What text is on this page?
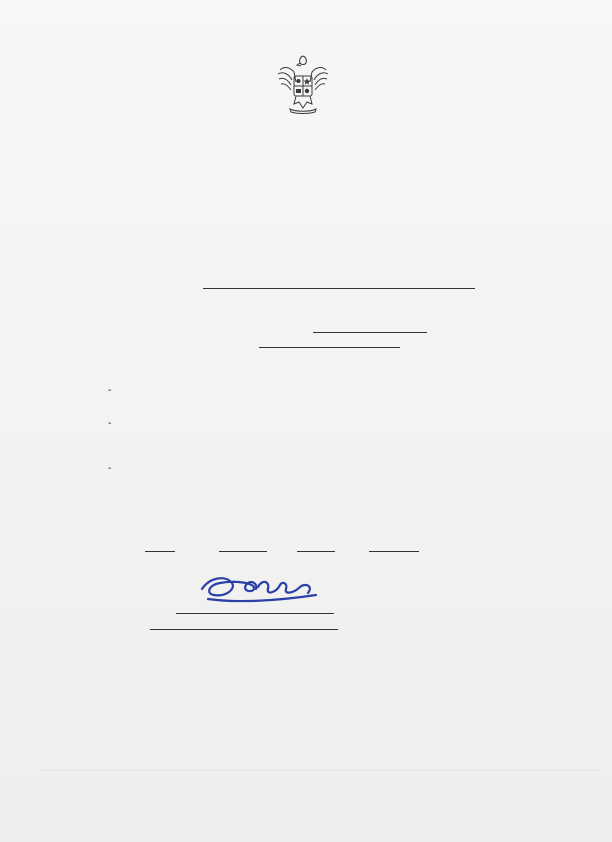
-
-
-
